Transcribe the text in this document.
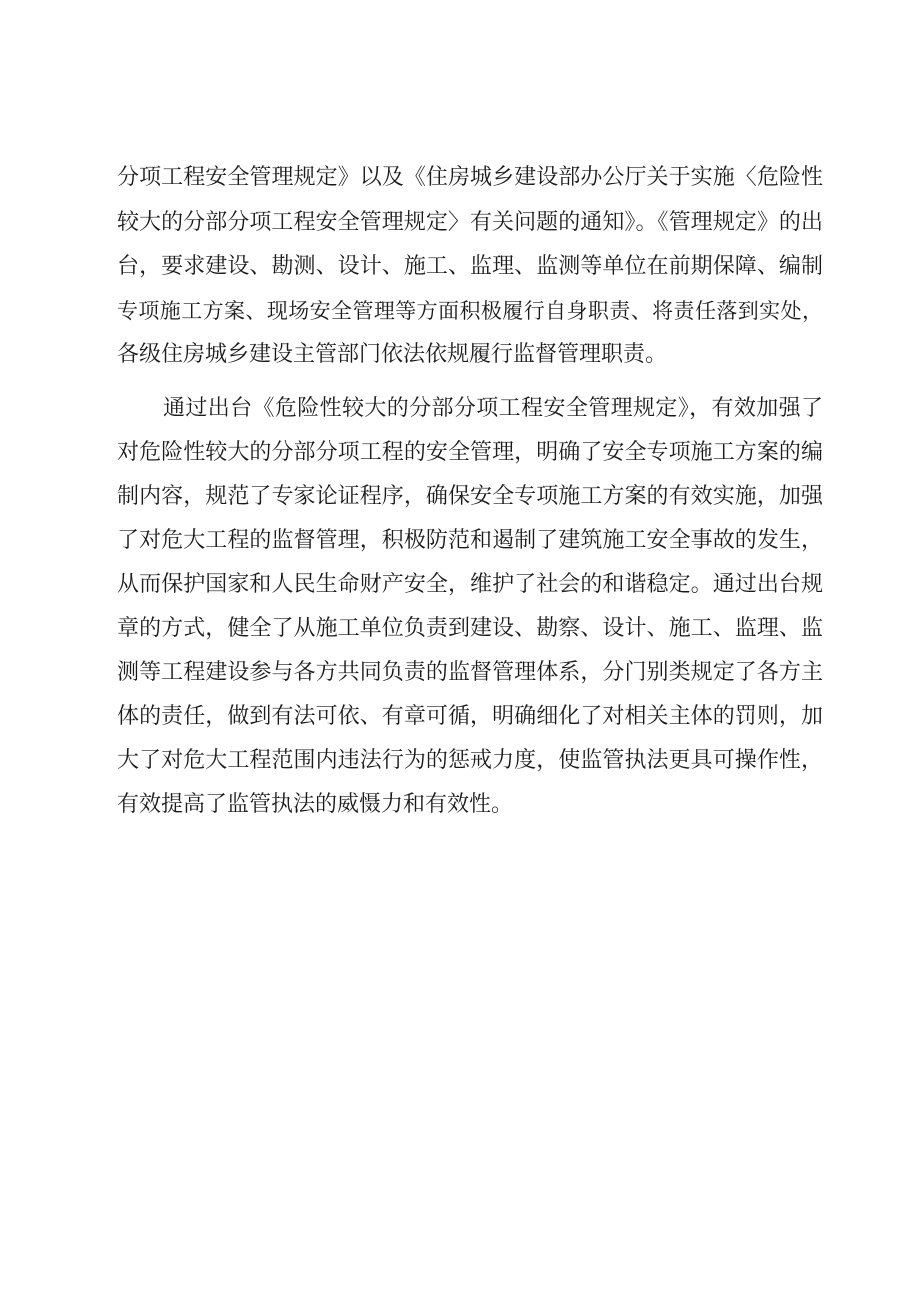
分项工程安全管理规定》以及《住房城乡建设部办公厅关于实施〈危险性
较大的分部分项工程安全管理规定〉有关问题的通知》。《管理规定》的出
台，要求建设、勘测、设计、施工、监理、监测等单位在前期保障、编制
专项施工方案、现场安全管理等方面积极履行自身职责、将责任落到实处，
各级住房城乡建设主管部门依法依规履行监督管理职责。
通过出台《危险性较大的分部分项工程安全管理规定》，有效加强了
对危险性较大的分部分项工程的安全管理，明确了安全专项施工方案的编
制内容，规范了专家论证程序，确保安全专项施工方案的有效实施，加强
了对危大工程的监督管理，积极防范和遏制了建筑施工安全事故的发生，
从而保护国家和人民生命财产安全，维护了社会的和谐稳定。通过出台规
章的方式，健全了从施工单位负责到建设、勘察、设计、施工、监理、监
测等工程建设参与各方共同负责的监督管理体系，分门别类规定了各方主
体的责任，做到有法可依、有章可循，明确细化了对相关主体的罚则，加
大了对危大工程范围内违法行为的惩戒力度，使监管执法更具可操作性，
有效提高了监管执法的威慑力和有效性。
